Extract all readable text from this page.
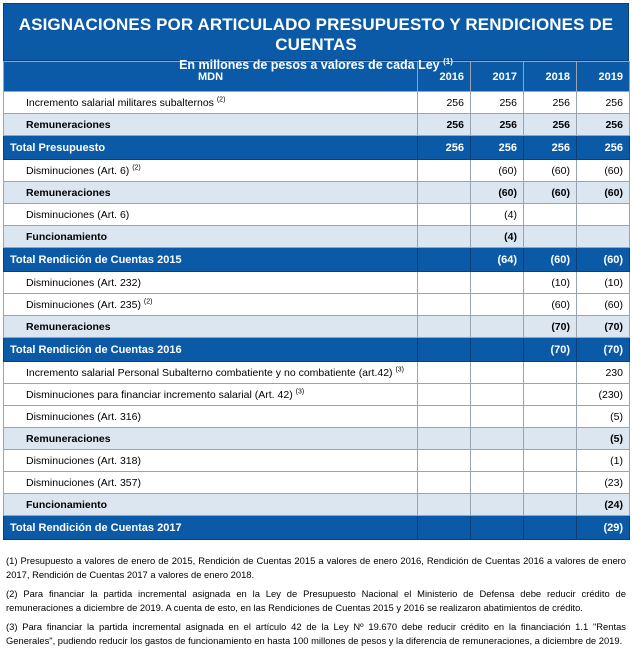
ASIGNACIONES POR ARTICULADO PRESUPUESTO Y RENDICIONES DE CUENTAS
En millones de pesos a valores de cada Ley $^{(1)}$
MDN	2016	2017	2018	2019
Incremento salarial militares subalternos $^{(2)}$	256	256	256	256
Remuneraciones	256	256	256	256
Total Presupuesto	256	256	256	256
Disminuciones (Art. 6) $^{(2)}$		(60)	(60)	(60)
Remuneraciones		(60)	(60)	(60)
Disminuciones (Art. 6)		(4)		
Funcionamiento		(4)		
Total Rendición de Cuentas 2015		(64)	(60)	(60)
Disminuciones (Art. 232)			(10)	(10)
Disminuciones (Art. 235) $^{(2)}$			(60)	(60)
Remuneraciones			(70)	(70)
Total Rendición de Cuentas 2016			(70)	(70)
Incremento salarial Personal Subalterno combatiente y no combatiente (art.42) $^{(3)}$				230
Disminuciones para financiar incremento salarial (Art. 42) $^{(3)}$				(230)
Disminuciones (Art. 316)				(5)
Remuneraciones				(5)
Disminuciones (Art. 318)				(1)
Disminuciones (Art. 357)				(23)
Funcionamiento				(24)
Total Rendición de Cuentas 2017				(29)

(1) Presupuesto a valores de enero de 2015, Rendición de Cuentas 2015 a valores de enero 2016, Rendición de Cuentas 2016 a valores de enero 2017, Rendición de Cuentas 2017 a valores de enero 2018.

(2) Para financiar la partida incremental asignada en la Ley de Presupuesto Nacional el Ministerio de Defensa debe reducir crédito de remuneraciones a diciembre de 2019. A cuenta de esto, en las Rendiciones de Cuentas 2015 y 2016 se realizaron abatimientos de crédito.

(3) Para financiar la partida incremental asignada en el artículo 42 de la Ley Nº 19.670 debe reducir crédito en la financiación 1.1 "Rentas Generales", pudiendo reducir los gastos de funcionamiento en hasta 100 millones de pesos y la diferencia de remuneraciones, a diciembre de 2019.
